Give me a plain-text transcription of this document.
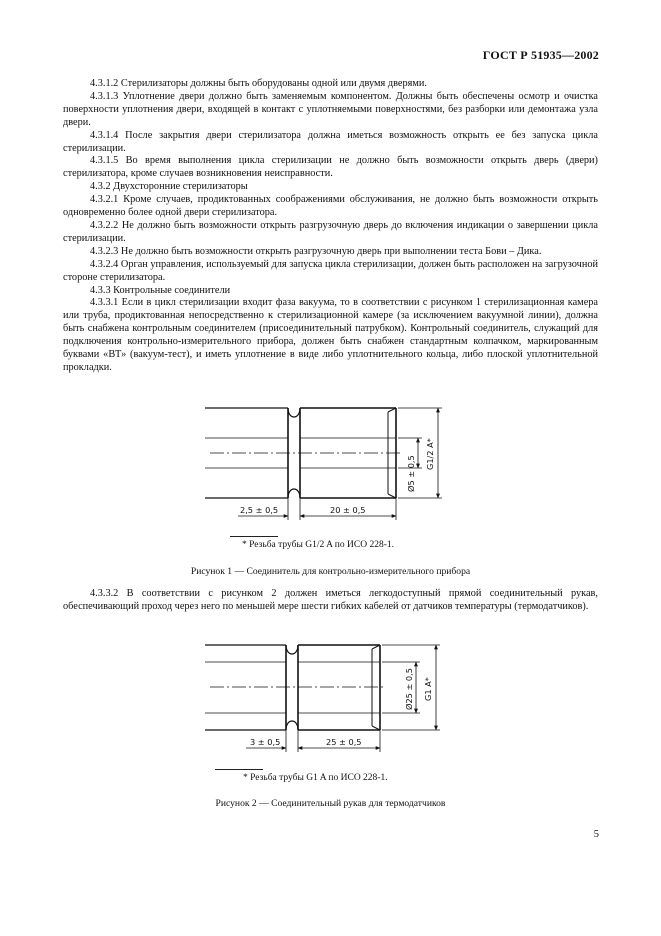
ГОСТ Р 51935—2002

4.3.1.2 Стерилизаторы должны быть оборудованы одной или двумя дверями.

4.3.1.3 Уплотнение двери должно быть заменяемым компонентом. Должны быть обеспечены осмотр и очистка поверхности уплотнения двери, входящей в контакт с уплотняемыми поверхностями, без разборки или демонтажа узла двери.

4.3.1.4 После закрытия двери стерилизатора должна иметься возможность открыть ее без запуска цикла стерилизации.

4.3.1.5 Во время выполнения цикла стерилизации не должно быть возможности открыть дверь (двери) стерилизатора, кроме случаев возникновения неисправности.

4.3.2 Двухсторонние стерилизаторы

4.3.2.1 Кроме случаев, продиктованных соображениями обслуживания, не должно быть возможности открыть одновременно более одной двери стерилизатора.

4.3.2.2 Не должно быть возможности открыть разгрузочную дверь до включения индикации о завершении цикла стерилизации.

4.3.2.3 Не должно быть возможности открыть разгрузочную дверь при выполнении теста Бови – Дика.

4.3.2.4 Орган управления, используемый для запуска цикла стерилизации, должен быть расположен на загрузочной стороне стерилизатора.

4.3.3 Контрольные соединители

4.3.3.1 Если в цикл стерилизации входит фаза вакуума, то в соответствии с рисунком 1 стерилизационная камера или труба, продиктованная непосредственно к стерилизационной камере (за исключением вакуумной линии), должна быть снабжена контрольным соединителем (присоединительный патрубком). Контрольный соединитель, служащий для подключения контрольно-измерительного прибора, должен быть снабжен стандартным колпачком, маркированным буквами «ВТ» (вакуум-тест), и иметь уплотнение в виде либо уплотнительного кольца, либо плоской уплотнительной прокладки.

2,5 ± 0,5	20 ± 0,5
Ø5 ± 0,5
G1/2 A*
* Резьба трубы G1/2 A по ИСО 228-1.
Рисунок 1 — Соединитель для контрольно-измерительного прибора

4.3.3.2 В соответствии с рисунком 2 должен иметься легкодоступный прямой соединительный рукав, обеспечивающий проход через него по меньшей мере шести гибких кабелей от датчиков температуры (термодатчиков).

3 ± 0,5	25 ± 0,5
Ø25 ± 0,5 G1 A*
* Резьба трубы G1 A по ИСО 228-1.
Рисунок 2 — Соединительный рукав для термодатчиков
5
